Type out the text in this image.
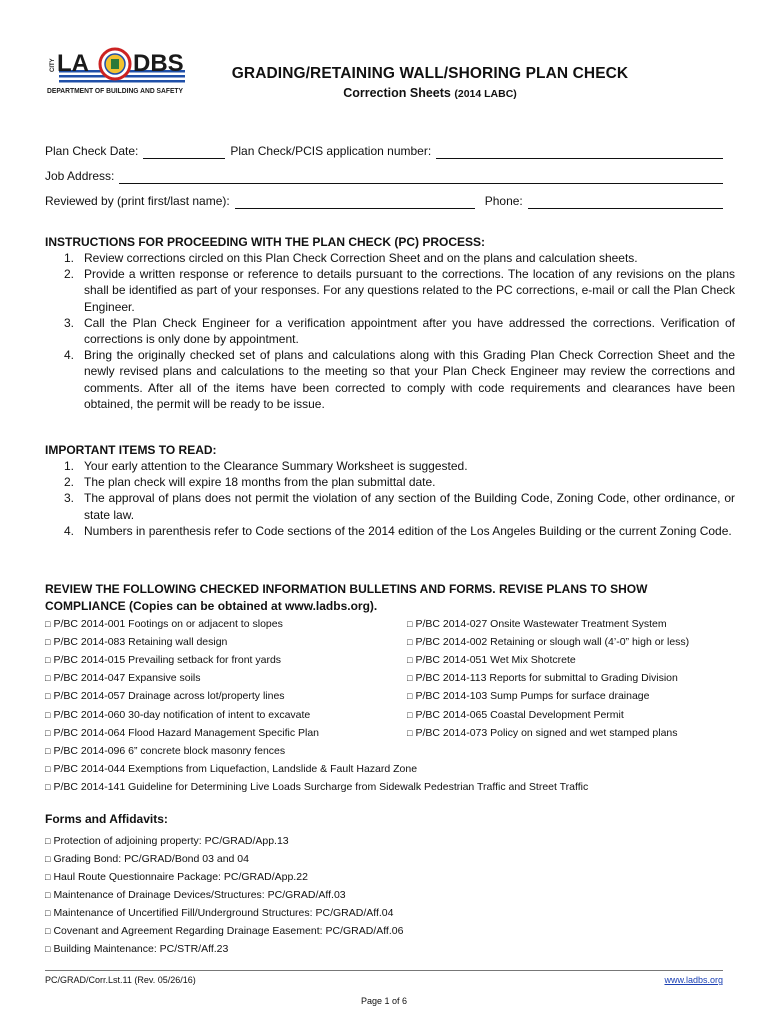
LA DBS
CITY
DEPARTMENT OF BUILDING AND SAFETY
GRADING/RETAINING WALL/SHORING PLAN CHECK
Correction Sheets (2014 LABC)
Plan Check Date:	Plan Check/PCIS application number:
Job Address:
Reviewed by (print first/last name):	Phone:
INSTRUCTIONS FOR PROCEEDING WITH THE PLAN CHECK (PC) PROCESS:
1. Review corrections circled on this Plan Check Correction Sheet and on the plans and calculation sheets.
2. Provide a written response or reference to details pursuant to the corrections. The location of any revisions on the plans shall be identified as part of your responses. For any questions related to the PC corrections, e-mail or call the Plan Check Engineer.
3. Call the Plan Check Engineer for a verification appointment after you have addressed the corrections. Verification of corrections is only done by appointment.
4. Bring the originally checked set of plans and calculations along with this Grading Plan Check Correction Sheet and the newly revised plans and calculations to the meeting so that your Plan Check Engineer may review the corrections and comments. After all of the items have been corrected to comply with code requirements and clearances have been obtained, the permit will be ready to be issue.
IMPORTANT ITEMS TO READ:
1. Your early attention to the Clearance Summary Worksheet is suggested.
2. The plan check will expire 18 months from the plan submittal date.
3. The approval of plans does not permit the violation of any section of the Building Code, Zoning Code, other ordinance, or state law.
4. Numbers in parenthesis refer to Code sections of the 2014 edition of the Los Angeles Building or the current Zoning Code.
REVIEW THE FOLLOWING CHECKED INFORMATION BULLETINS AND FORMS. REVISE PLANS TO SHOW COMPLIANCE (Copies can be obtained at www.ladbs.org).
□ P/BC 2014-001 Footings on or adjacent to slopes	□ P/BC 2014-027 Onsite Wastewater Treatment System
□ P/BC 2014-083 Retaining wall design	□ P/BC 2014-002 Retaining or slough wall (4’-0” high or less)
□ P/BC 2014-015 Prevailing setback for front yards	□ P/BC 2014-051 Wet Mix Shotcrete
□ P/BC 2014-047 Expansive soils	□ P/BC 2014-113 Reports for submittal to Grading Division
□ P/BC 2014-057 Drainage across lot/property lines	□ P/BC 2014-103 Sump Pumps for surface drainage
□ P/BC 2014-060 30-day notification of intent to excavate	□ P/BC 2014-065 Coastal Development Permit
□ P/BC 2014-064 Flood Hazard Management Specific Plan	□ P/BC 2014-073 Policy on signed and wet stamped plans
□ P/BC 2014-096 6” concrete block masonry fences
□ P/BC 2014-044 Exemptions from Liquefaction, Landslide & Fault Hazard Zone
□ P/BC 2014-141 Guideline for Determining Live Loads Surcharge from Sidewalk Pedestrian Traffic and Street Traffic
Forms and Affidavits:
□ Protection of adjoining property: PC/GRAD/App.13
□ Grading Bond: PC/GRAD/Bond 03 and 04
□ Haul Route Questionnaire Package: PC/GRAD/App.22
□ Maintenance of Drainage Devices/Structures: PC/GRAD/Aff.03
□ Maintenance of Uncertified Fill/Underground Structures: PC/GRAD/Aff.04
□ Covenant and Agreement Regarding Drainage Easement: PC/GRAD/Aff.06
□ Building Maintenance: PC/STR/Aff.23
PC/GRAD/Corr.Lst.11 (Rev. 05/26/16)	www.ladbs.org
Page 1 of 6
